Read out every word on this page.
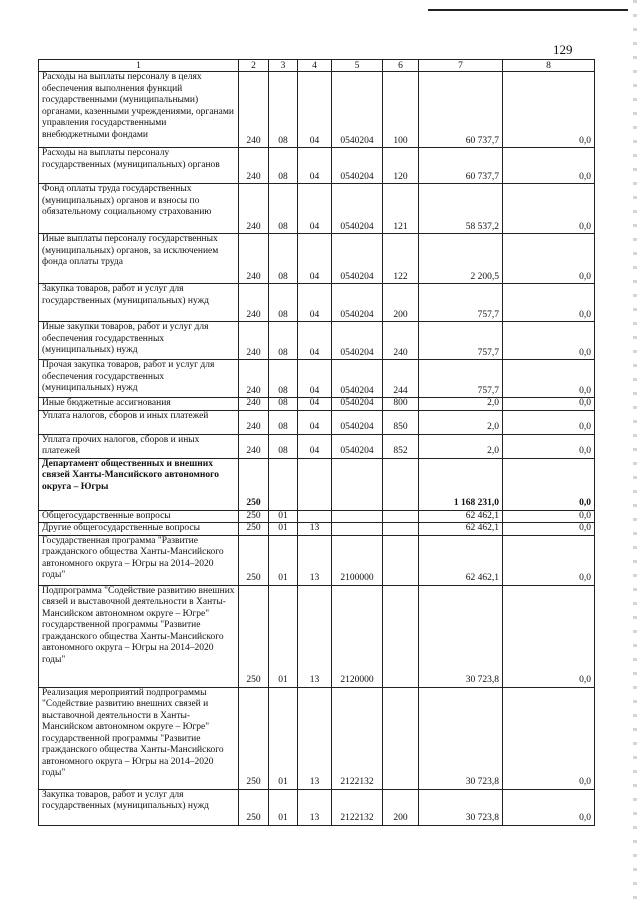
129
1	2	3	4	5	6	7	8
Расходы на выплаты персоналу в целях обеспечения выполнения функций государственными (муниципальными) органами, казенными учреждениями, органами управления государственными внебюджетными фондами	240	08	04	0540204	100	60 737,7	0,0
Расходы на выплаты персоналу государственных (муниципальных) органов	240	08	04	0540204	120	60 737,7	0,0
Фонд оплаты труда государственных (муниципальных) органов и взносы по обязательному социальному страхованию	240	08	04	0540204	121	58 537,2	0,0
Иные выплаты персоналу государственных (муниципальных) органов, за исключением фонда оплаты труда	240	08	04	0540204	122	2 200,5	0,0
Закупка товаров, работ и услуг для государственных (муниципальных) нужд	240	08	04	0540204	200	757,7	0,0
Иные закупки товаров, работ и услуг для обеспечения государственных (муниципальных) нужд	240	08	04	0540204	240	757,7	0,0
Прочая закупка товаров, работ и услуг для обеспечения государственных (муниципальных) нужд	240	08	04	0540204	244	757,7	0,0
Иные бюджетные ассигнования	240	08	04	0540204	800	2,0	0,0
Уплата налогов, сборов и иных платежей	240	08	04	0540204	850	2,0	0,0
Уплата прочих налогов, сборов и иных платежей	240	08	04	0540204	852	2,0	0,0
Департамент общественных и внешних связей Ханты-Мансийского автономного округа – Югры	250					1 168 231,0	0,0
Общегосударственные вопросы	250	01				62 462,1	0,0
Другие общегосударственные вопросы	250	01	13			62 462,1	0,0
Государственная программа "Развитие гражданского общества Ханты-Мансийского автономного округа – Югры на 2014–2020 годы"	250	01	13	2100000		62 462,1	0,0
Подпрограмма "Содействие развитию внешних связей и выставочной деятельности в Ханты-Мансийском автономном округе – Югре" государственной программы "Развитие гражданского общества Ханты-Мансийского автономного округа – Югры на 2014–2020 годы"	250	01	13	2120000		30 723,8	0,0
Реализация мероприятий подпрограммы "Содействие развитию внешних связей и выставочной деятельности в Ханты-Мансийском автономном округе – Югре" государственной программы "Развитие гражданского общества Ханты-Мансийского автономного округа – Югры на 2014–2020 годы"	250	01	13	2122132		30 723,8	0,0
Закупка товаров, работ и услуг для государственных (муниципальных) нужд	250	01	13	2122132	200	30 723,8	0,0
